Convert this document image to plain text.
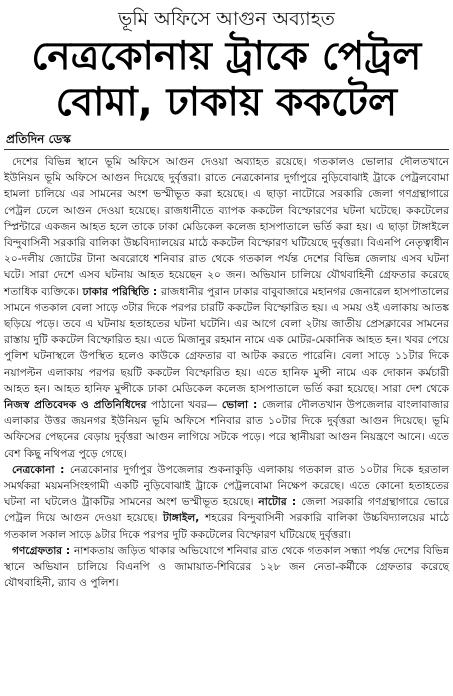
ভূমি অফিসে আগুন অব্যাহত

নেত্রকোনায় ট্রাকে পেট্রল
বোমা, ঢাকায় ককটেল
প্রতিদিন ডেস্ক

দেশের বিভিন্ন স্থানে ভূমি অফিসে আগুন দেওয়া অব্যাহত রয়েছে। গতকালও ভোলার দৌলতখানে ইউনিয়ন ভূমি অফিসে আগুন দিয়েছে দুর্বৃত্তরা। রাতে নেত্রকোনার দুর্গাপুরে নুড়িবোঝাই ট্রাকে পেট্রলবোমা হামলা চালিয়ে এর সামনের অংশ ভস্মীভূত করা হয়েছে। এ ছাড়া নাটোরে সরকারি জেলা গণগ্রন্থাগারে পেট্রল ঢেলে আগুন দেওয়া হয়েছে। রাজধানীতে ব্যাপক ককটেল বিস্ফোরণের ঘটনা ঘটেছে। ককটেলের স্প্লিন্টারে একজন আহত হলে তাকে ঢাকা মেডিকেল কলেজ হাসপাতালে ভর্তি করা হয়। এ ছাড়া টাঙ্গাইলে বিন্দুবাসিনী সরকারি বালিকা উচ্চবিদ্যালয়ের মাঠে ককটেল বিস্ফোরণ ঘটিয়েছে দুর্বৃত্তরা। বিএনপি নেতৃত্বাধীন ২০-দলীয় জোটের টানা অবরোধে শনিবার রাত থেকে গতকাল পর্যন্ত দেশের বিভিন্ন জেলায় এসব ঘটনা ঘটে। সারা দেশে এসব ঘটনায় আহত হয়েছেন ২০ জন। অভিযান চালিয়ে যৌথবাহিনী গ্রেফতার করেছে শতাধিক ব্যক্তিকে। ঢাকার পরিস্থিতি : রাজধানীর পুরান ঢাকার বাবুবাজারে মহানগর জেনারেল হাসপাতালের সামনে গতকাল বেলা সাড়ে ৩টার দিকে পরপর চারটি ককটেল বিস্ফোরিত হয়। এ সময় ওই এলাকায় আতঙ্ক ছড়িয়ে পড়ে। তবে এ ঘটনায় হতাহতের ঘটনা ঘটেনি। এর আগে বেলা ২টায় জাতীয় প্রেসক্লাবের সামনের রাস্তায় দুটি ককটেল বিস্ফোরিত হয়। এতে মিজানুর রহমান নামে এক মোটর-মেকানিক আহত হন। খবর পেয়ে পুলিশ ঘটনাস্থলে উপস্থিত হলেও কাউকে গ্রেফতার বা আটক করতে পারেনি। বেলা সাড়ে ১১টার দিকে নয়াপল্টন এলাকায় পরপর ছয়টি ককটেল বিস্ফোরিত হয়। এতে হানিফ মুন্সী নামে এক দোকান কর্মচারী আহত হন। আহত হানিফ মুন্সীকে ঢাকা মেডিকেল কলেজ হাসপাতালে ভর্তি করা হয়েছে। সারা দেশ থেকে নিজস্ব প্রতিবেদক ও প্রতিনিধিদের পাঠানো খবর— ভোলা : জেলার দৌলতখান উপজেলার বাংলাবাজার এলাকার উত্তর জয়নগর ইউনিয়ন ভূমি অফিসে শনিবার রাত ১০টার দিকে দুর্বৃত্তরা আগুন দিয়েছে। ভূমি অফিসের পেছনের বেড়ায় দুর্বৃত্তরা আগুন লাগিয়ে সটকে পড়ে। পরে স্থানীয়রা আগুন নিয়ন্ত্রণে আনে। এতে বেশ কিছু নথিপত্র পুড়ে গেছে।

নেত্রকোনা : নেত্রকোনার দুর্গাপুর উপজেলার শুকনাকুড়ি এলাকায় গতকাল রাত ১০টার দিকে হরতাল সমর্থকরা ময়মনসিংহগামী একটি নুড়িবোঝাই ট্রাকে পেট্রলবোমা নিক্ষেপ করেছে। এতে কোনো হতাহতের ঘটনা না ঘটলেও ট্রাকটির সামনের অংশ ভস্মীভূত হয়েছে। নাটোর : জেলা সরকারি গণগ্রন্থাগারে ভোরে পেট্রল দিয়ে আগুন দেওয়া হয়েছে। টাঙ্গাইল, শহরের বিন্দুবাসিনী সরকারি বালিকা উচ্চবিদ্যালয়ের মাঠে গতকাল সকাল সাড়ে ৯টার দিকে পরপর দুটি ককটেলের বিস্ফোরণ ঘটিয়েছে দুর্বৃত্তরা।

গণগ্রেফতার : নাশকতায় জড়িত থাকার অভিযোগে শনিবার রাত থেকে গতকাল সন্ধ্যা পর্যন্ত দেশের বিভিন্ন স্থানে অভিযান চালিয়ে বিএনপি ও জামায়াত-শিবিরের ১২৮ জন নেতা-কর্মীকে গ্রেফতার করেছে যৌথবাহিনী, র‌্যাব ও পুলিশ।
